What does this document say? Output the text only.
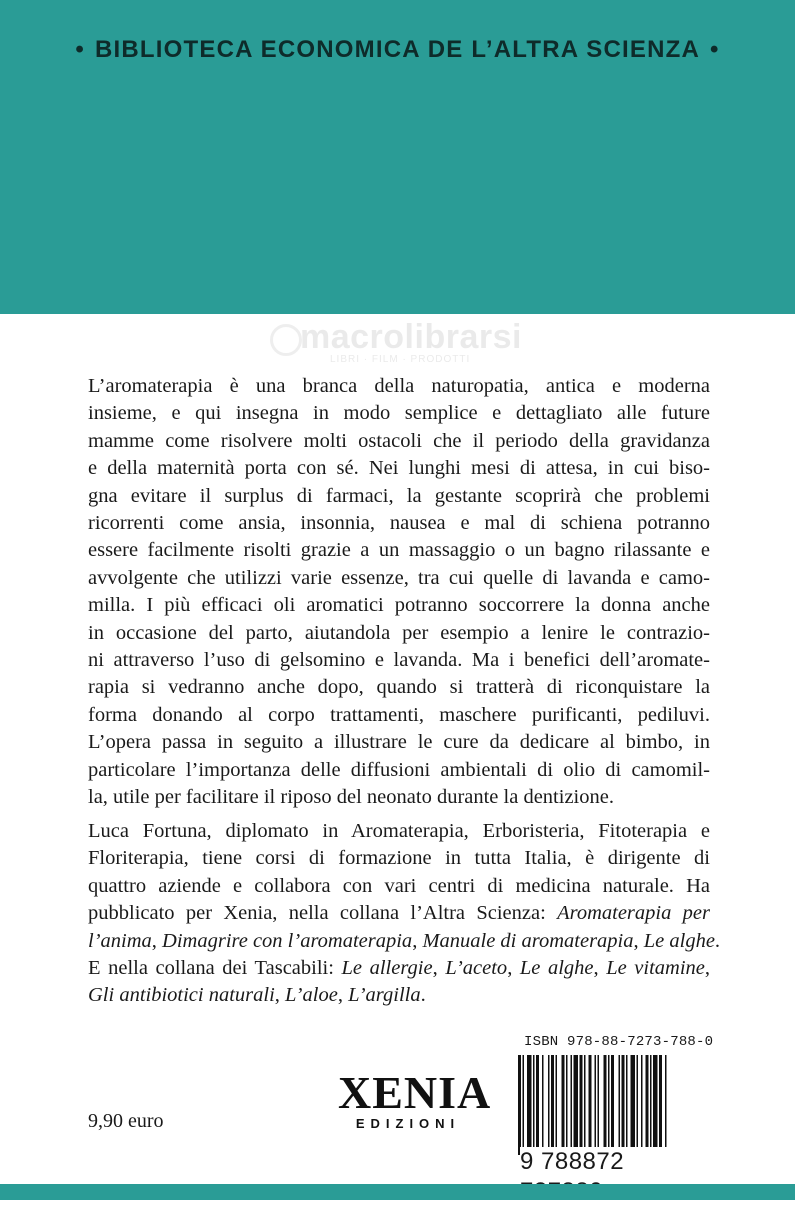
• BIBLIOTECA ECONOMICA DE L’ALTRA SCIENZA •
macrolibrarsi
LIBRI · FILM · PRODOTTI
L’aromaterapia è una branca della naturopatia, antica e moderna
insieme, e qui insegna in modo semplice e dettagliato alle future
mamme come risolvere molti ostacoli che il periodo della gravidanza
e della maternità porta con sé. Nei lunghi mesi di attesa, in cui biso-
gna evitare il surplus di farmaci, la gestante scoprirà che problemi
ricorrenti come ansia, insonnia, nausea e mal di schiena potranno
essere facilmente risolti grazie a un massaggio o un bagno rilassante e
avvolgente che utilizzi varie essenze, tra cui quelle di lavanda e camo-
milla. I più efficaci oli aromatici potranno soccorrere la donna anche
in occasione del parto, aiutandola per esempio a lenire le contrazio-
ni attraverso l’uso di gelsomino e lavanda. Ma i benefici dell’aromate-
rapia si vedranno anche dopo, quando si tratterà di riconquistare la
forma donando al corpo trattamenti, maschere purificanti, pediluvi.
L’opera passa in seguito a illustrare le cure da dedicare al bimbo, in
particolare l’importanza delle diffusioni ambientali di olio di camomil-
la, utile per facilitare il riposo del neonato durante la dentizione.
Luca Fortuna, diplomato in Aromaterapia, Erboristeria, Fitoterapia e
Floriterapia, tiene corsi di formazione in tutta Italia, è dirigente di
quattro aziende e collabora con vari centri di medicina naturale. Ha
pubblicato per Xenia, nella collana l’Altra Scienza: Aromaterapia per
l’anima, Dimagrire con l’aromaterapia, Manuale di aromaterapia, Le alghe.
E nella collana dei Tascabili: Le allergie, L’aceto, Le alghe, Le vitamine,
Gli antibiotici naturali, L’aloe, L’argilla.
ISBN 978-88-7273-788-0
9 788872
XENIA
EDIZIONI
9,90 euro
